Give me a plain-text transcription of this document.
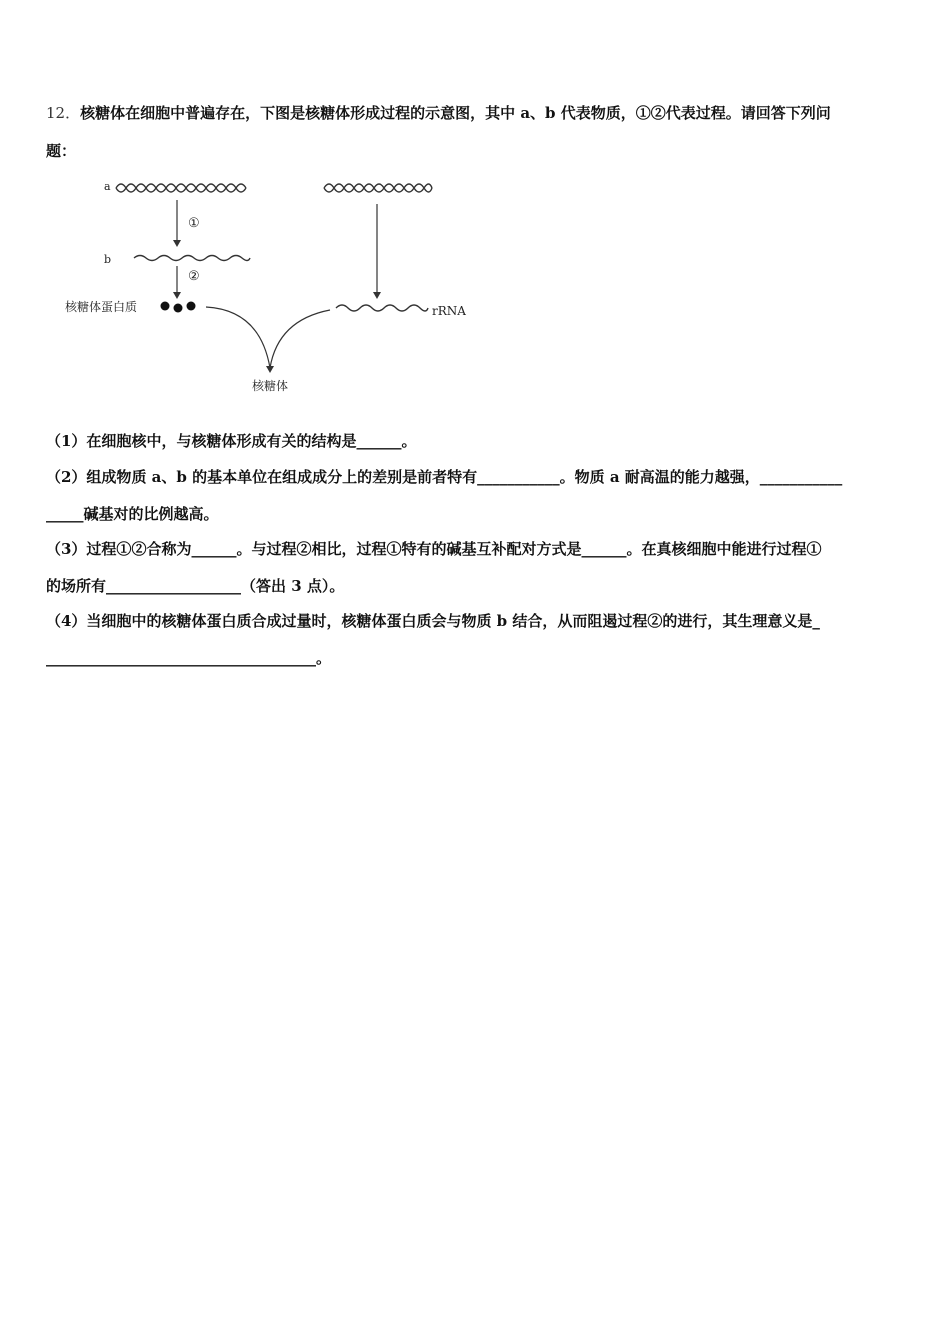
12．核糖体在细胞中普遍存在，下图是核糖体形成过程的示意图，其中 a、b 代表物质，①②代表过程。请回答下列问
题：
a
①
b
②
核糖体蛋白质	rRNA
核糖体
（1）在细胞核中，与核糖体形成有关的结构是______。
（2）组成物质 a、b 的基本单位在组成成分上的差别是前者特有___________。物质 a 耐高温的能力越强，___________
_____碱基对的比例越高。
（3）过程①②合称为______。与过程②相比，过程①特有的碱基互补配对方式是______。在真核细胞中能进行过程①
的场所有__________________（答出 3 点）。
（4）当细胞中的核糖体蛋白质合成过量时，核糖体蛋白质会与物质 b 结合，从而阻遏过程②的进行，其生理意义是_
____________________________________。
